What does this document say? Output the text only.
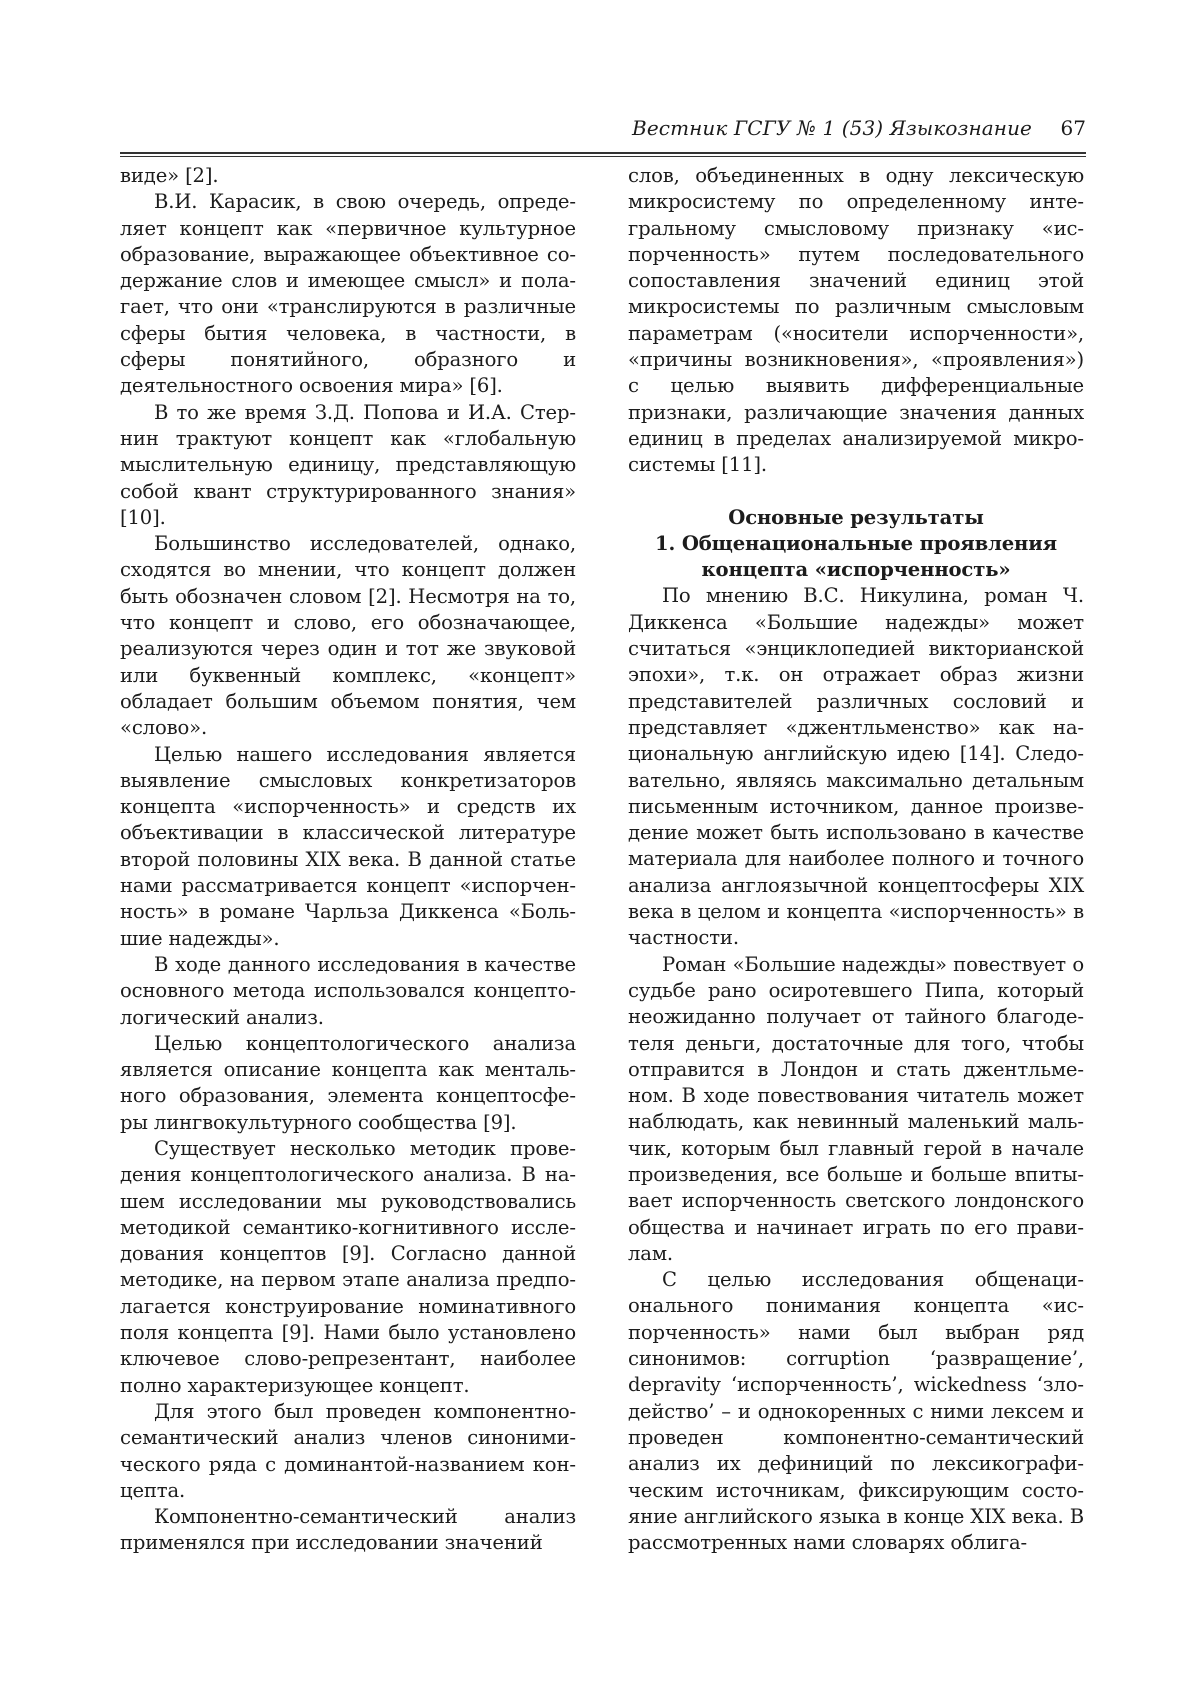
Вестник ГСГУ № 1 (53) Языкознание 67

виде» [2].

В.И. Карасик, в свою очередь, определяет концепт как «первичное культурное образование, выражающее объективное содержание слов и имеющее смысл» и полагает, что они «транслируются в различные сферы бытия человека, в частности, в сферы понятийного, образного и деятельностного освоения мира» [6].

В то же время З.Д. Попова и И.А. Стернин трактуют концепт как «глобальную мыслительную единицу, представляющую собой квант структурированного знания» [10].

Большинство исследователей, однако, сходятся во мнении, что концепт должен быть обозначен словом [2]. Несмотря на то, что концепт и слово, его обозначающее, реализуются через один и тот же звуковой или буквенный комплекс, «концепт» обладает большим объемом понятия, чем «слово».

Целью нашего исследования является выявление смысловых конкретизаторов концепта «испорченность» и средств их объективации в классической литературе второй половины XIX века. В данной статье нами рассматривается концепт «испорченность» в романе Чарльза Диккенса «Большие надежды».

В ходе данного исследования в качестве основного метода использовался концептологический анализ.

Целью концептологического анализа является описание концепта как ментального образования, элемента концептосферы лингвокультурного сообщества [9].

Существует несколько методик проведения концептологического анализа. В нашем исследовании мы руководствовались методикой семантико-когнитивного исследования концептов [9]. Согласно данной методике, на первом этапе анализа предполагается конструирование номинативного поля концепта [9]. Нами было установлено ключевое слово-репрезентант, наиболее полно характеризующее концепт.

Для этого был проведен компонентно-семантический анализ членов синонимического ряда с доминантой-названием концепта.

Компонентно-семантический анализ применялся при исследовании значений

слов, объединенных в одну лексическую микросистему по определенному интегральному смысловому признаку «испорченность» путем последовательного сопоставления значений единиц этой микросистемы по различным смысловым параметрам («носители испорченности», «причины возникновения», «проявления») с целью выявить дифференциальные признаки, различающие значения данных единиц в пределах анализируемой микросистемы [11].

Основные результаты
1. Общенациональные проявления
концепта «испорченность»

По мнению В.С. Никулина, роман Ч. Диккенса «Большие надежды» может считаться «энциклопедией викторианской эпохи», т.к. он отражает образ жизни представителей различных сословий и представляет «джентльменство» как национальную английскую идею [14]. Следовательно, являясь максимально детальным письменным источником, данное произведение может быть использовано в качестве материала для наиболее полного и точного анализа англоязычной концептосферы XIX века в целом и концепта «испорченность» в частности.

Роман «Большие надежды» повествует о судьбе рано осиротевшего Пипа, который неожиданно получает от тайного благодетеля деньги, достаточные для того, чтобы отправится в Лондон и стать джентльменом. В ходе повествования читатель может наблюдать, как невинный маленький мальчик, которым был главный герой в начале произведения, все больше и больше впитывает испорченность светского лондонского общества и начинает играть по его правилам.

С целью исследования общенационального понимания концепта «испорченность» нами был выбран ряд синонимов: corruption ‘развращение’, depravity ‘испорченность’, wickedness ‘злодейство’ – и однокоренных с ними лексем и проведен компонентно-семантический анализ их дефиниций по лексикографическим источникам, фиксирующим состояние английского языка в конце XIX века. В рассмотренных нами словарях облига-
